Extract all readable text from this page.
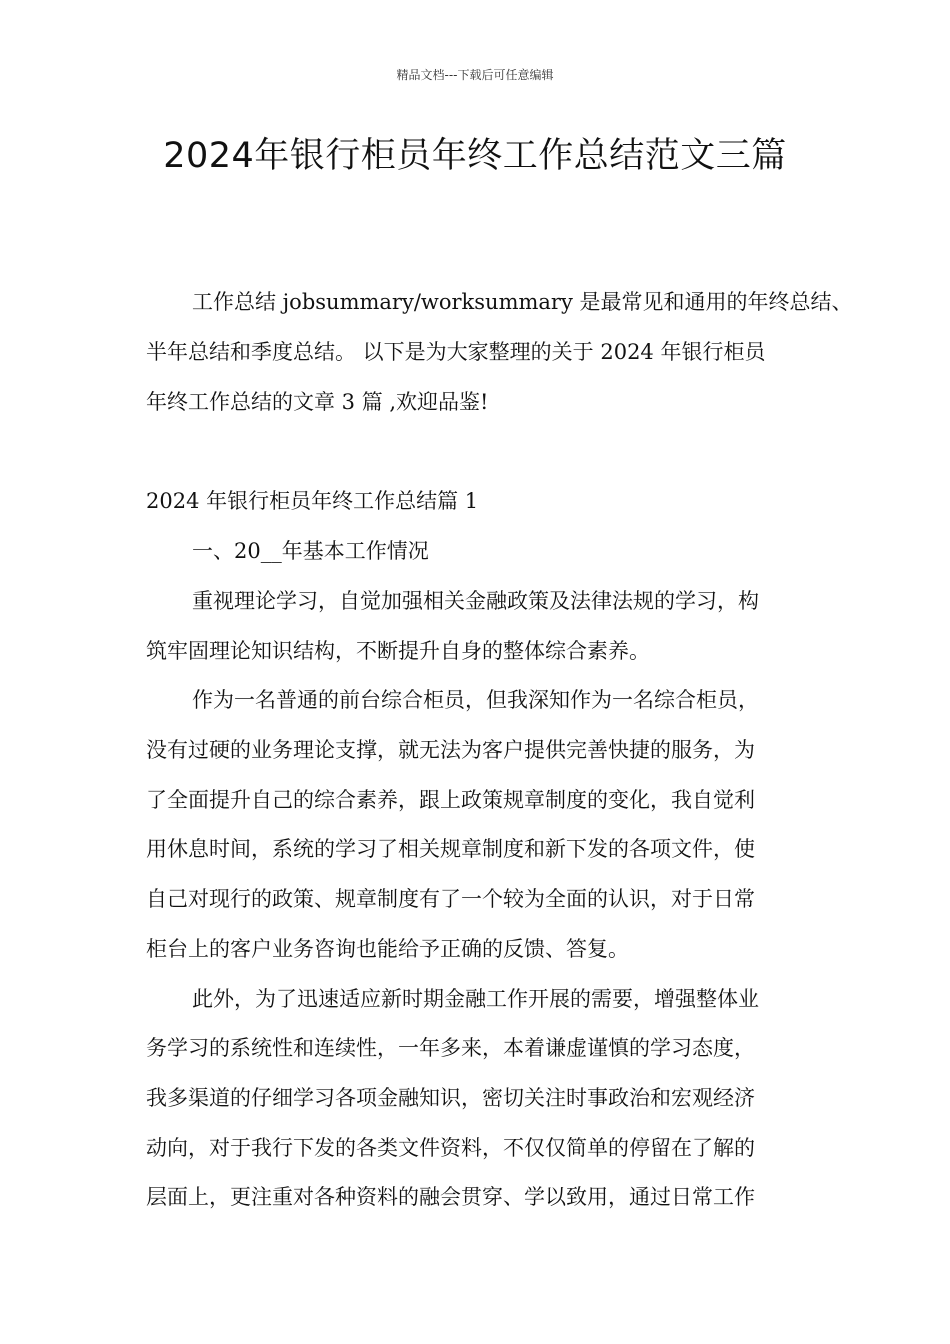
精品文档---下载后可任意编辑
2024年银行柜员年终工作总结范文三篇
工作总结 jobsummary/worksummary 是最常见和通用的年终总结、
半年总结和季度总结。 以下是为大家整理的关于 2024 年银行柜员
年终工作总结的文章 3 篇 ,欢迎品鉴!
2024 年银行柜员年终工作总结篇 1
一、20__年基本工作情况
重视理论学习，自觉加强相关金融政策及法律法规的学习，构
筑牢固理论知识结构，不断提升自身的整体综合素养。
作为一名普通的前台综合柜员，但我深知作为一名综合柜员，
没有过硬的业务理论支撑，就无法为客户提供完善快捷的服务，为
了全面提升自己的综合素养，跟上政策规章制度的变化，我自觉利
用休息时间，系统的学习了相关规章制度和新下发的各项文件，使
自己对现行的政策、规章制度有了一个较为全面的认识，对于日常
柜台上的客户业务咨询也能给予正确的反馈、答复。
此外，为了迅速适应新时期金融工作开展的需要，增强整体业
务学习的系统性和连续性，一年多来，本着谦虚谨慎的学习态度，
我多渠道的仔细学习各项金融知识，密切关注时事政治和宏观经济
动向，对于我行下发的各类文件资料，不仅仅简单的停留在了解的
层面上，更注重对各种资料的融会贯穿、学以致用，通过日常工作
